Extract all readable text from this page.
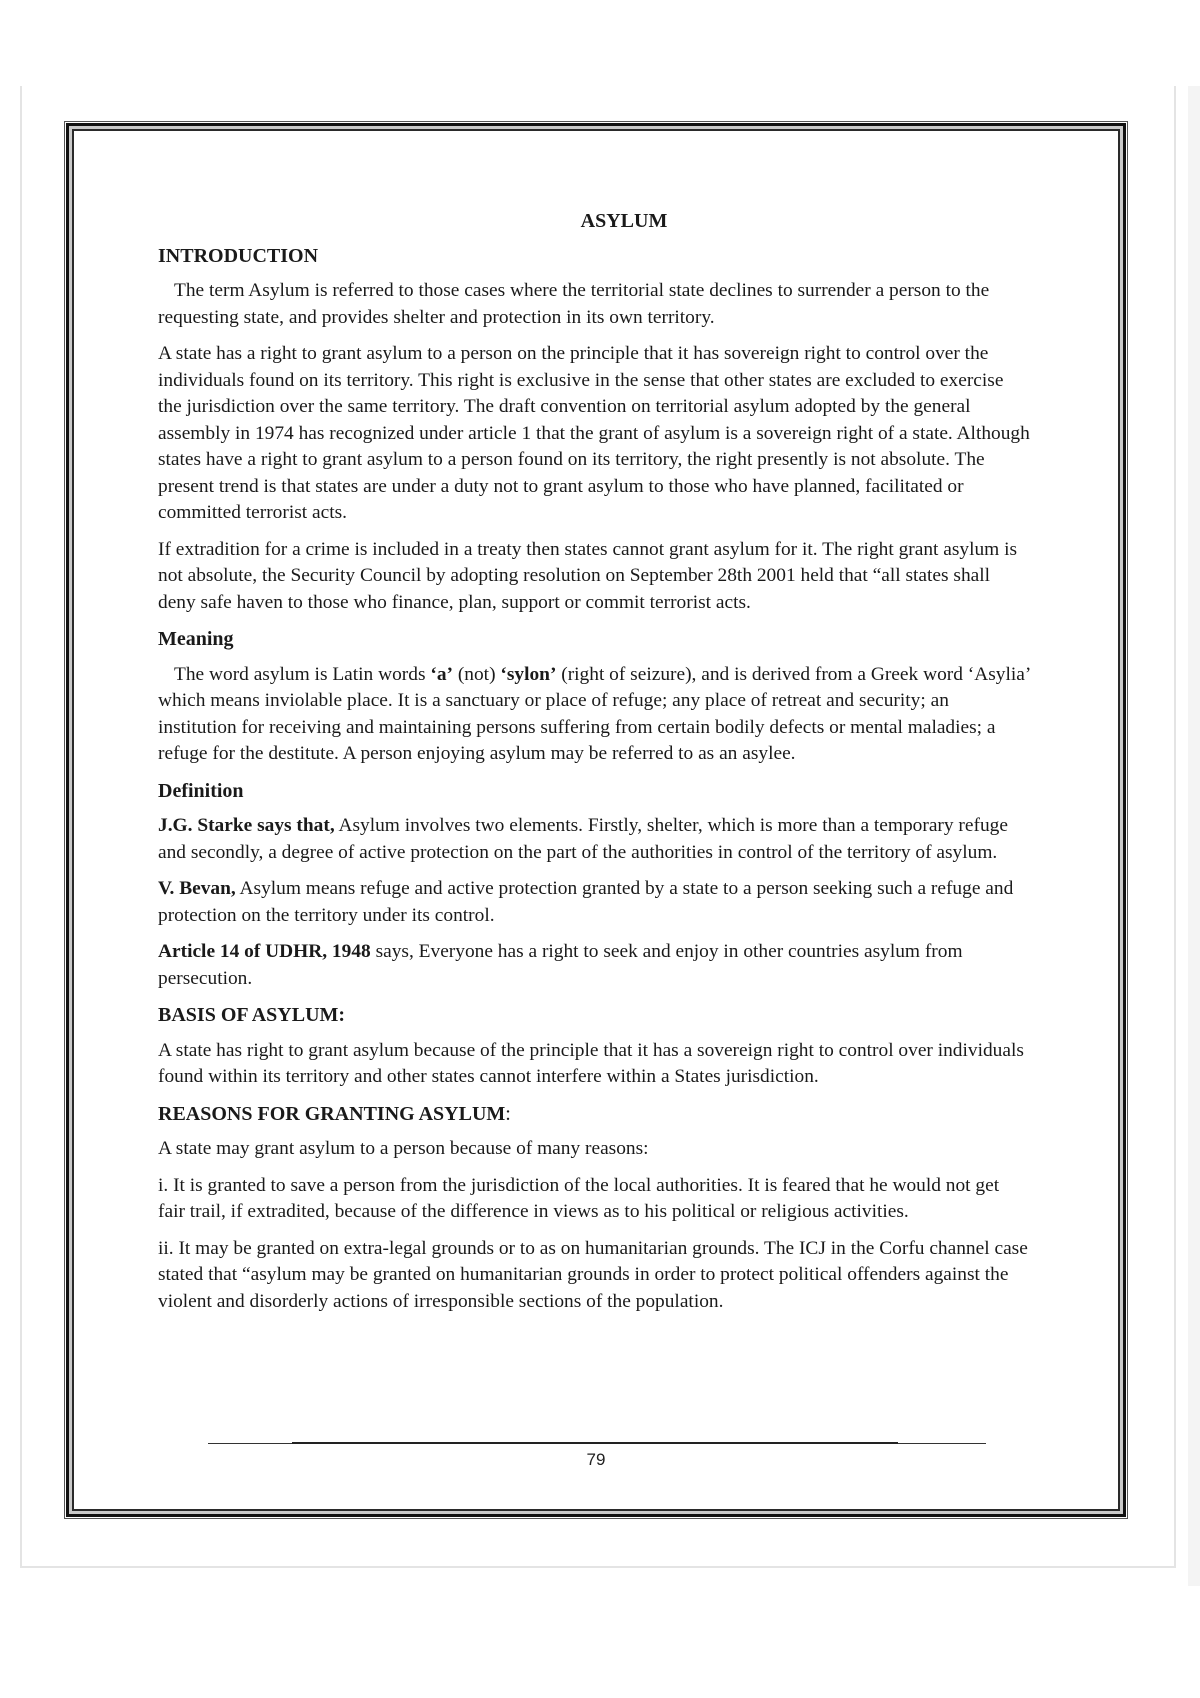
ASYLUM
INTRODUCTION

The term Asylum is referred to those cases where the territorial state declines to surrender a person to the requesting state, and provides shelter and protection in its own territory.

A state has a right to grant asylum to a person on the principle that it has sovereign right to control over the individuals found on its territory. This right is exclusive in the sense that other states are excluded to exercise the jurisdiction over the same territory. The draft convention on territorial asylum adopted by the general assembly in 1974 has recognized under article 1 that the grant of asylum is a sovereign right of a state. Although states have a right to grant asylum to a person found on its territory, the right presently is not absolute. The present trend is that states are under a duty not to grant asylum to those who have planned, facilitated or committed terrorist acts.

If extradition for a crime is included in a treaty then states cannot grant asylum for it. The right grant asylum is not absolute, the Security Council by adopting resolution on September 28th 2001 held that “all states shall deny safe haven to those who finance, plan, support or commit terrorist acts.

Meaning

The word asylum is Latin words ‘a’ (not) ‘sylon’ (right of seizure), and is derived from a Greek word ‘Asylia’ which means inviolable place. It is a sanctuary or place of refuge; any place of retreat and security; an institution for receiving and maintaining persons suffering from certain bodily defects or mental maladies; a refuge for the destitute. A person enjoying asylum may be referred to as an asylee.

Definition

J.G. Starke says that, Asylum involves two elements. Firstly, shelter, which is more than a temporary refuge and secondly, a degree of active protection on the part of the authorities in control of the territory of asylum.

V. Bevan, Asylum means refuge and active protection granted by a state to a person seeking such a refuge and protection on the territory under its control.

Article 14 of UDHR, 1948 says, Everyone has a right to seek and enjoy in other countries asylum from persecution.

BASIS OF ASYLUM:

A state has right to grant asylum because of the principle that it has a sovereign right to control over individuals found within its territory and other states cannot interfere within a States jurisdiction.

REASONS FOR GRANTING ASYLUM:

A state may grant asylum to a person because of many reasons:

i. It is granted to save a person from the jurisdiction of the local authorities. It is feared that he would not get fair trail, if extradited, because of the difference in views as to his political or religious activities.

ii. It may be granted on extra-legal grounds or to as on humanitarian grounds. The ICJ in the Corfu channel case stated that “asylum may be granted on humanitarian grounds in order to protect political offenders against the violent and disorderly actions of irresponsible sections of the population.

79
